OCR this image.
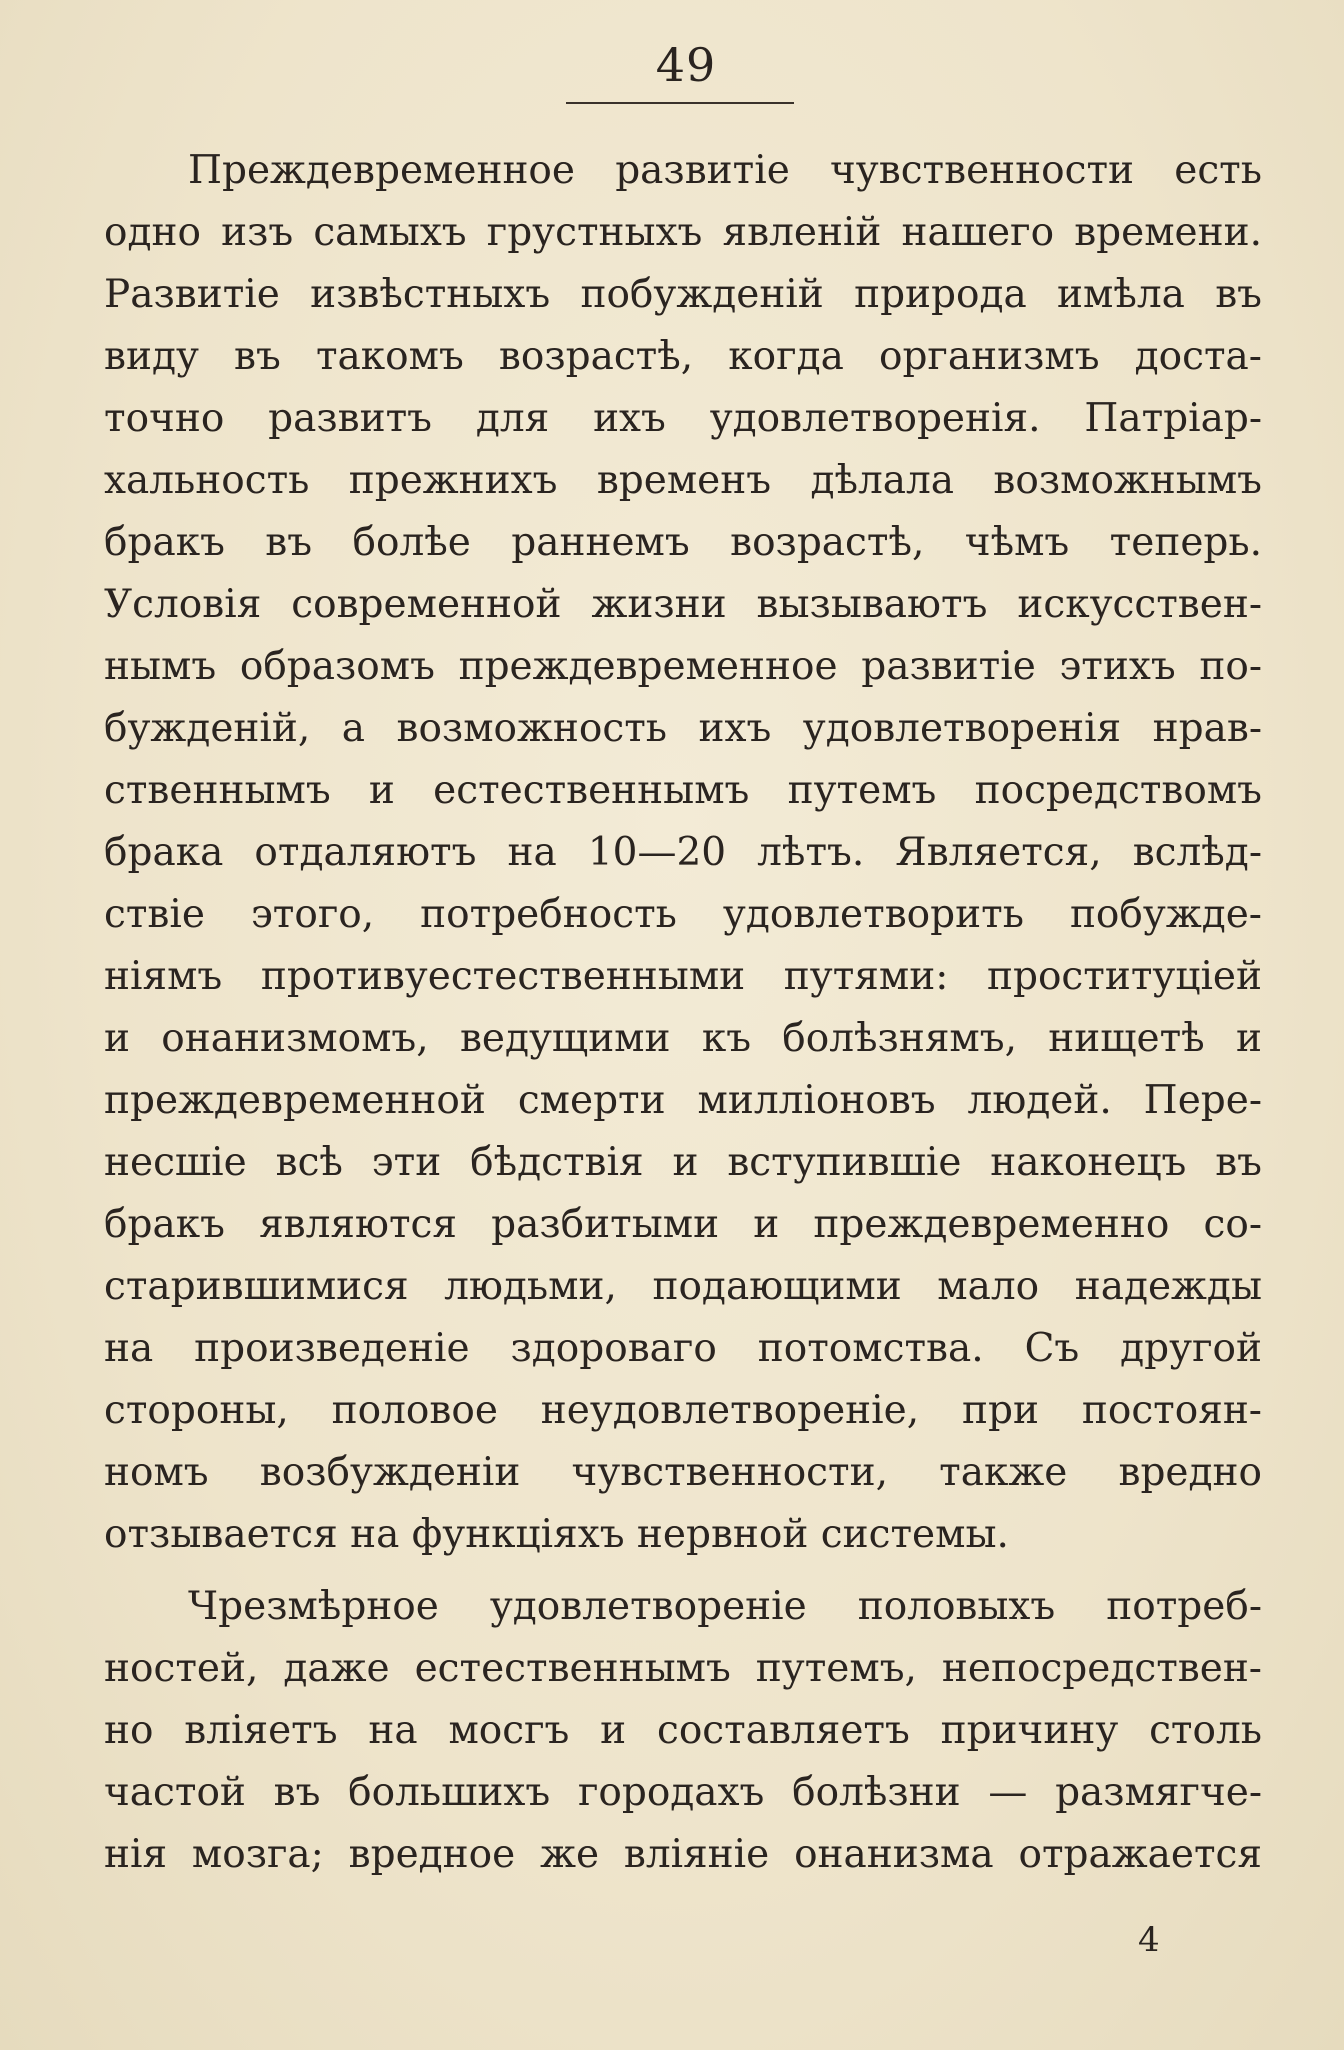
49
Преждевременное развитіе чувственности есть
одно изъ самыхъ грустныхъ явленій нашего времени.
Развитіе извѣстныхъ побужденій природа имѣла въ
виду въ такомъ возрастѣ, когда организмъ доста-
точно развитъ для ихъ удовлетворенія. Патріар-
хальность прежнихъ временъ дѣлала возможнымъ
бракъ въ болѣе раннемъ возрастѣ, чѣмъ теперь.
Условія современной жизни вызываютъ искусствен-
нымъ образомъ преждевременное развитіе этихъ по-
бужденій, а возможность ихъ удовлетворенія нрав-
ственнымъ и естественнымъ путемъ посредствомъ
брака отдаляютъ на 10—20 лѣтъ. Является, вслѣд-
ствіе этого, потребность удовлетворить побужде-
ніямъ противуестественными путями: проституціей
и онанизмомъ, ведущими къ болѣзнямъ, нищетѣ и
преждевременной смерти милліоновъ людей. Пере-
несшіе всѣ эти бѣдствія и вступившіе наконецъ въ
бракъ являются разбитыми и преждевременно со-
старившимися людьми, подающими мало надежды
на произведеніе здороваго потомства. Съ другой
стороны, половое неудовлетвореніе, при постоян-
номъ возбужденіи чувственности, также вредно
отзывается на функціяхъ нервной системы.
Чрезмѣрное удовлетвореніе половыхъ потреб-
ностей, даже естественнымъ путемъ, непосредствен-
но вліяетъ на мосгъ и составляетъ причину столь
частой въ большихъ городахъ болѣзни — размягче-
нія мозга; вредное же вліяніе онанизма отражается
4
